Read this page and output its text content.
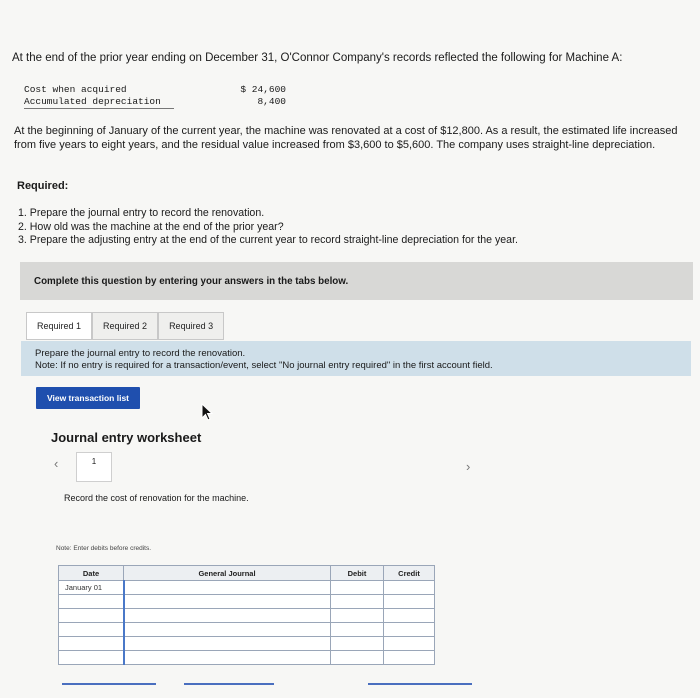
At the end of the prior year ending on December 31, O'Connor Company's records reflected the following for Machine A:
Cost when acquired	$ 24,600
Accumulated depreciation	8,400
At the beginning of January of the current year, the machine was renovated at a cost of $12,800. As a result, the estimated life increased from five years to eight years, and the residual value increased from $3,600 to $5,600. The company uses straight-line depreciation.
Required:
1. Prepare the journal entry to record the renovation.
2. How old was the machine at the end of the prior year?
3. Prepare the adjusting entry at the end of the current year to record straight-line depreciation for the year.
Complete this question by entering your answers in the tabs below.
Required 1	Required 2	Required 3
Prepare the journal entry to record the renovation.
Note: If no entry is required for a transaction/event, select "No journal entry required" in the first account field.
View transaction list
Journal entry worksheet
‹	1	›
Record the cost of renovation for the machine.
Note: Enter debits before credits.
Date	General Journal	Debit	Credit
January 01			
